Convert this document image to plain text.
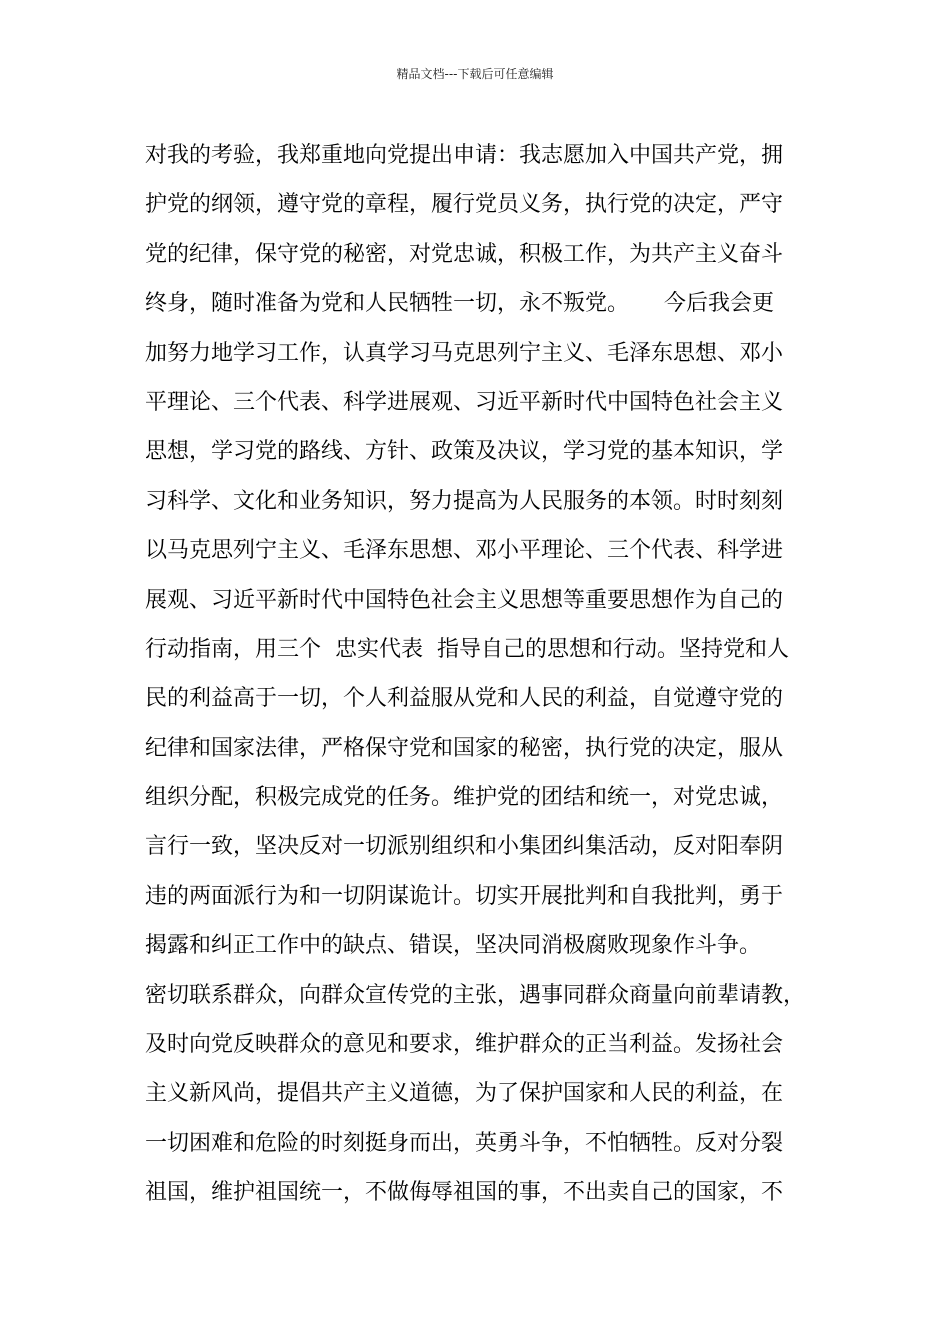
精品文档---下载后可任意编辑
对我的考验，我郑重地向党提出申请：我志愿加入中国共产党，拥
护党的纲领，遵守党的章程，履行党员义务，执行党的决定，严守
党的纪律，保守党的秘密，对党忠诚，积极工作，为共产主义奋斗
终身，随时准备为党和人民牺牲一切，永不叛党。     今后我会更
加努力地学习工作，认真学习马克思列宁主义、毛泽东思想、邓小
平理论、三个代表、科学进展观、习近平新时代中国特色社会主义
思想，学习党的路线、方针、政策及决议，学习党的基本知识，学
习科学、文化和业务知识，努力提高为人民服务的本领。时时刻刻
以马克思列宁主义、毛泽东思想、邓小平理论、三个代表、科学进
展观、习近平新时代中国特色社会主义思想等重要思想作为自己的
行动指南，用三个  忠实代表  指导自己的思想和行动。坚持党和人
民的利益高于一切，个人利益服从党和人民的利益，自觉遵守党的
纪律和国家法律，严格保守党和国家的秘密，执行党的决定，服从
组织分配，积极完成党的任务。维护党的团结和统一，对党忠诚，
言行一致，坚决反对一切派别组织和小集团纠集活动，反对阳奉阴
违的两面派行为和一切阴谋诡计。切实开展批判和自我批判，勇于
揭露和纠正工作中的缺点、错误，坚决同消极腐败现象作斗争。
密切联系群众，向群众宣传党的主张，遇事同群众商量向前辈请教，
及时向党反映群众的意见和要求，维护群众的正当利益。发扬社会
主义新风尚，提倡共产主义道德，为了保护国家和人民的利益，在
一切困难和危险的时刻挺身而出，英勇斗争，不怕牺牲。反对分裂
祖国，维护祖国统一，不做侮辱祖国的事，不出卖自己的国家，不
